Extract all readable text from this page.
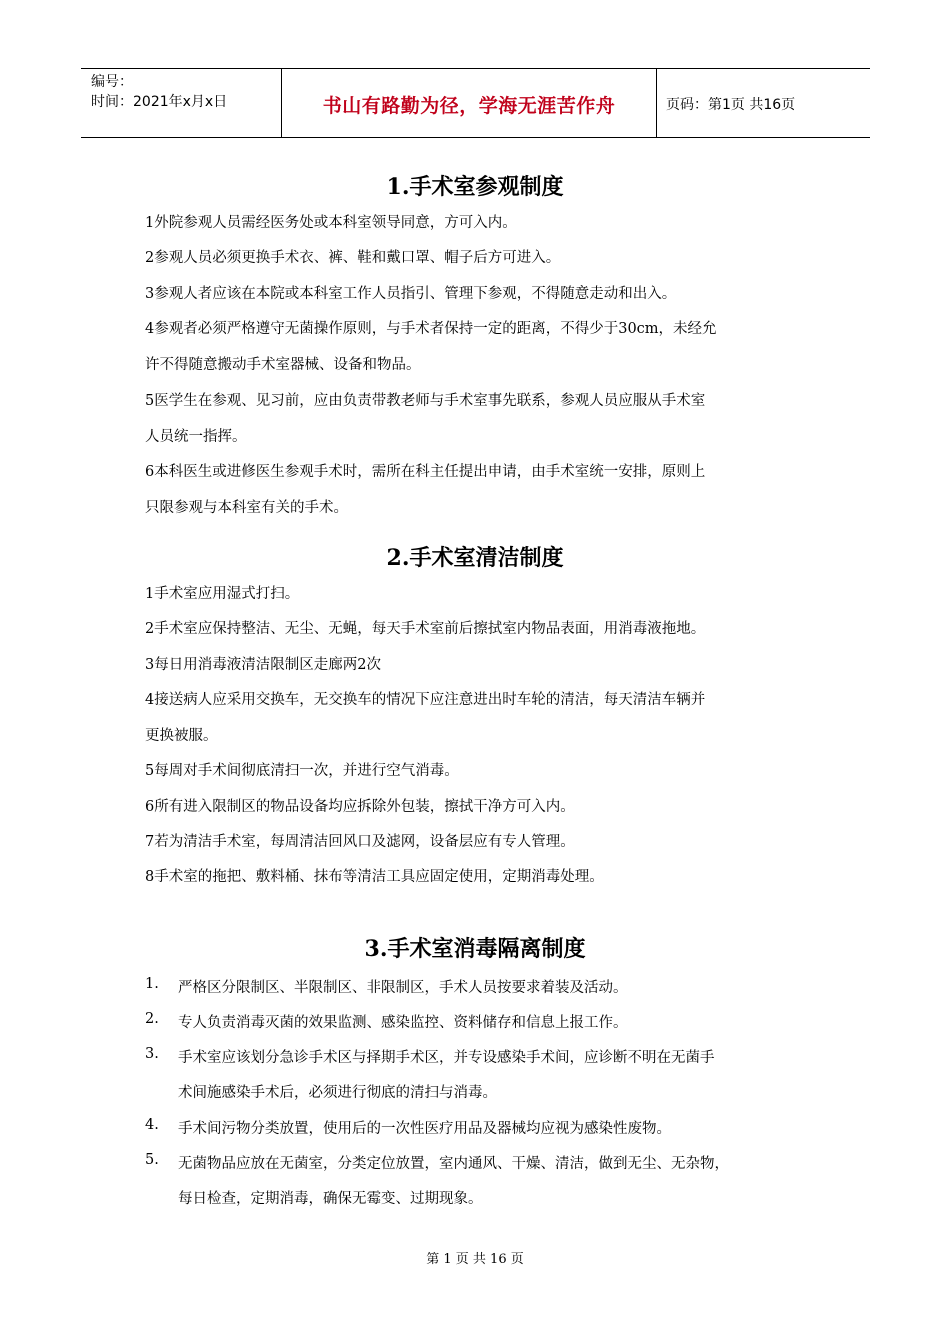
编号：
时间：2021年x月x日	书山有路勤为径，学海无涯苦作舟	页码：第1页 共16页
1.手术室参观制度
1外院参观人员需经医务处或本科室领导同意，方可入内。
2参观人员必须更换手术衣、裤、鞋和戴口罩、帽子后方可进入。
3参观人者应该在本院或本科室工作人员指引、管理下参观，不得随意走动和出入。
4参观者必须严格遵守无菌操作原则，与手术者保持一定的距离，不得少于30cm，未经允
许不得随意搬动手术室器械、设备和物品。
5医学生在参观、见习前，应由负责带教老师与手术室事先联系，参观人员应服从手术室
人员统一指挥。
6本科医生或进修医生参观手术时，需所在科主任提出申请，由手术室统一安排，原则上
只限参观与本科室有关的手术。
2.手术室清洁制度
1手术室应用湿式打扫。
2手术室应保持整洁、无尘、无蝇，每天手术室前后擦拭室内物品表面，用消毒液拖地。
3每日用消毒液清洁限制区走廊两2次
4接送病人应采用交换车，无交换车的情况下应注意进出时车轮的清洁，每天清洁车辆并
更换被服。
5每周对手术间彻底清扫一次，并进行空气消毒。
6所有进入限制区的物品设备均应拆除外包装，擦拭干净方可入内。
7若为清洁手术室，每周清洁回风口及滤网，设备层应有专人管理。
8手术室的拖把、敷料桶、抹布等清洁工具应固定使用，定期消毒处理。
3.手术室消毒隔离制度
1. 严格区分限制区、半限制区、非限制区，手术人员按要求着装及活动。
2. 专人负责消毒灭菌的效果监测、感染监控、资料储存和信息上报工作。
3. 手术室应该划分急诊手术区与择期手术区，并专设感染手术间，应诊断不明在无菌手
术间施感染手术后，必须进行彻底的清扫与消毒。
4. 手术间污物分类放置，使用后的一次性医疗用品及器械均应视为感染性废物。
5. 无菌物品应放在无菌室，分类定位放置，室内通风、干燥、清洁，做到无尘、无杂物，
每日检查，定期消毒，确保无霉变、过期现象。
第 1 页 共 16 页
